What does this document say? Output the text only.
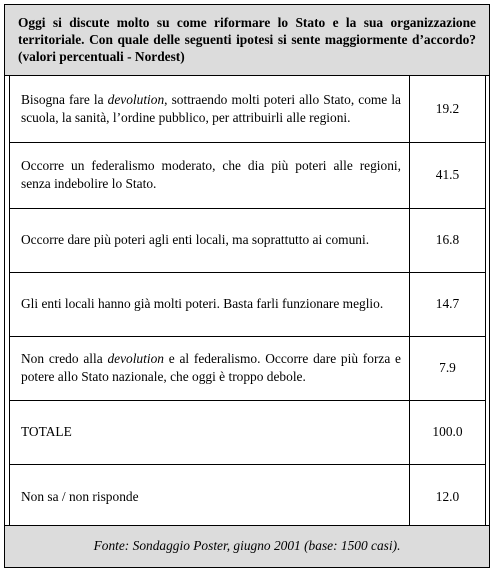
Oggi si discute molto su come riformare lo Stato e la sua organizzazione territoriale. Con quale delle seguenti ipotesi si sente maggiormente d’accordo? (valori percentuali - Nordest)
Bisogna fare la devolution, sottraendo molti poteri allo Stato, come la scuola, la sanità, l’ordine pubblico, per attribuirli alle regioni.	19.2
Occorre un federalismo moderato, che dia più poteri alle regioni, senza indebolire lo Stato.	41.5
Occorre dare più poteri agli enti locali, ma soprattutto ai comuni.	16.8
Gli enti locali hanno già molti poteri. Basta farli funzionare meglio.	14.7
Non credo alla devolution e al federalismo. Occorre dare più forza e potere allo Stato nazionale, che oggi è troppo debole.	7.9
TOTALE	100.0
Non sa / non risponde	12.0
Fonte: Sondaggio Poster, giugno 2001 (base: 1500 casi).
